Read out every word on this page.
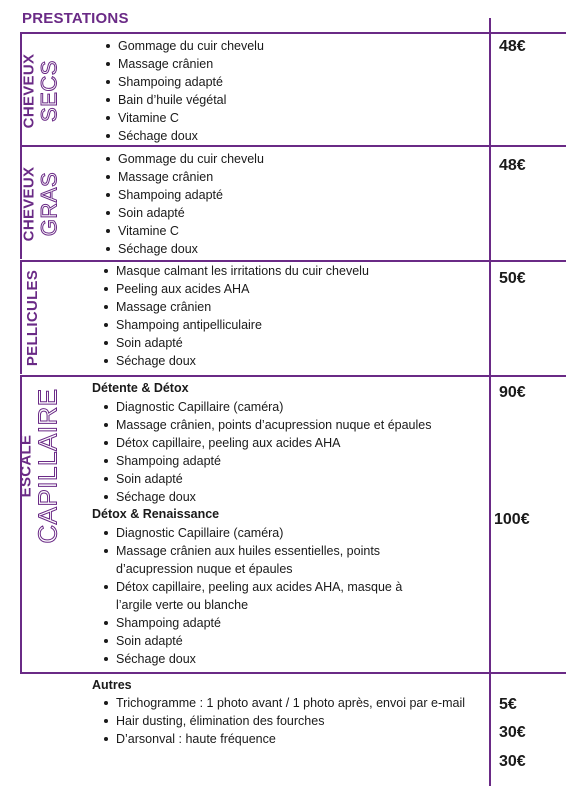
PRESTATIONS
CHEVEUX
SECS
Gommage du cuir chevelu
Massage crânien
Shampoing adapté
Bain d’huile végétal
Vitamine C
Séchage doux
48€
CHEVEUX
GRAS
Gommage du cuir chevelu
Massage crânien
Shampoing adapté
Soin adapté
Vitamine C
Séchage doux
48€
PELLICULES	Masque calmant les irritations du cuir chevelu
Peeling aux acides AHA
Massage crânien
Shampoing antipelliculaire
Soin adapté
Séchage doux
50€
ESCALE
CAPILLAIRE
Détente & Détox	90€
Diagnostic Capillaire (caméra)
Massage crânien, points d’acupression nuque et épaules
Détox capillaire, peeling aux acides AHA
Shampoing adapté
Soin adapté
Séchage doux
Détox & Renaissance	100€
Diagnostic Capillaire (caméra)
Massage crânien aux huiles essentielles, points d’acupression nuque et épaules
Détox capillaire, peeling aux acides AHA, masque à l’argile verte ou blanche
Shampoing adapté
Soin adapté
Séchage doux
Autres
Trichogramme : 1 photo avant / 1 photo après, envoi par e-mail
Hair dusting, élimination des fourches
D’arsonval : haute fréquence
5€
30€
30€
